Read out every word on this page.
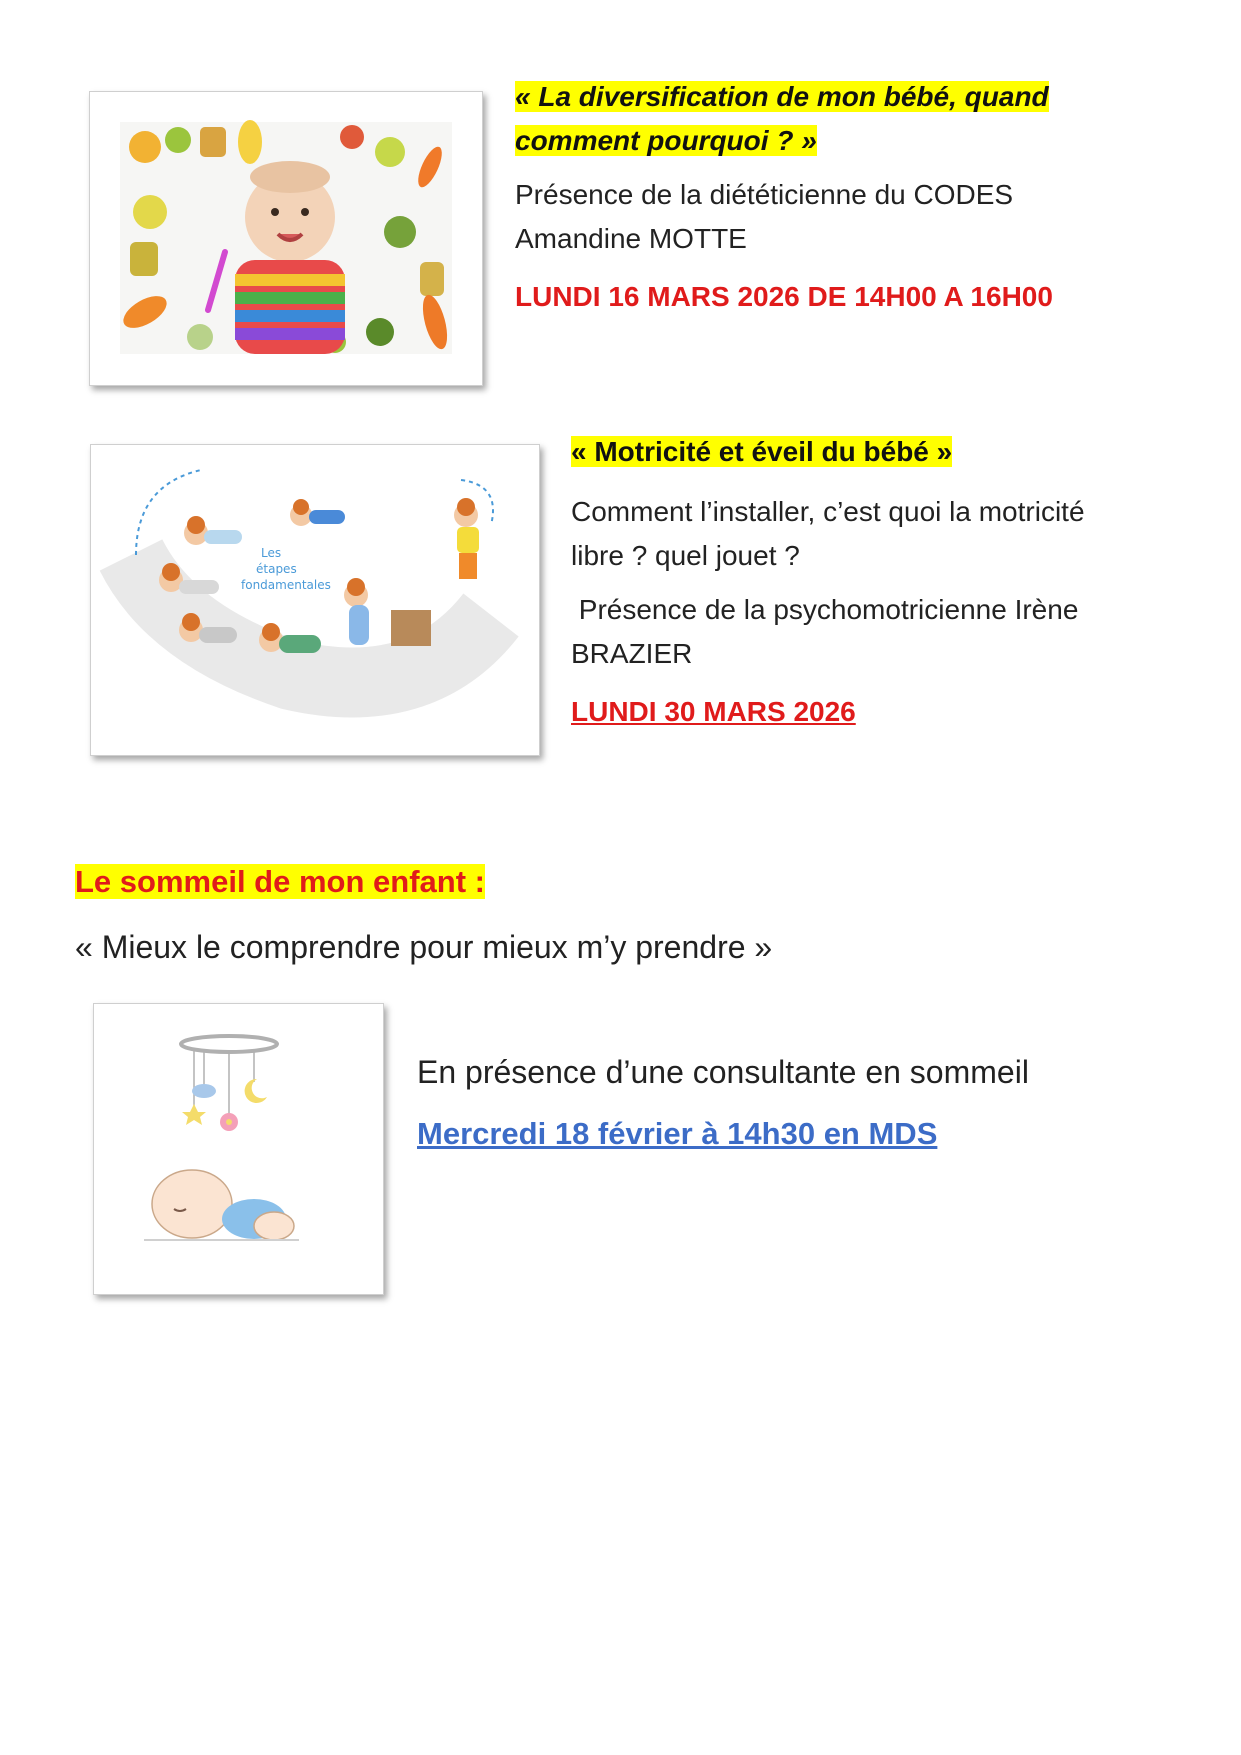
« La diversification de mon bébé, quand

comment pourquoi ? »

Présence de la diététicienne du CODES

Amandine MOTTE

LUNDI 16 MARS 2026 DE 14H00 A 16H00

Les
étapes
fondamentales

« Motricité et éveil du bébé »

Comment l’installer, c’est quoi la motricité

libre ? quel jouet ?

Présence de la psychomotricienne Irène

BRAZIER

LUNDI 30 MARS 2026

Le sommeil de mon enfant :

« Mieux le comprendre pour mieux m’y prendre »

En présence d’une consultante en sommeil

Mercredi 18 février à 14h30 en MDS
